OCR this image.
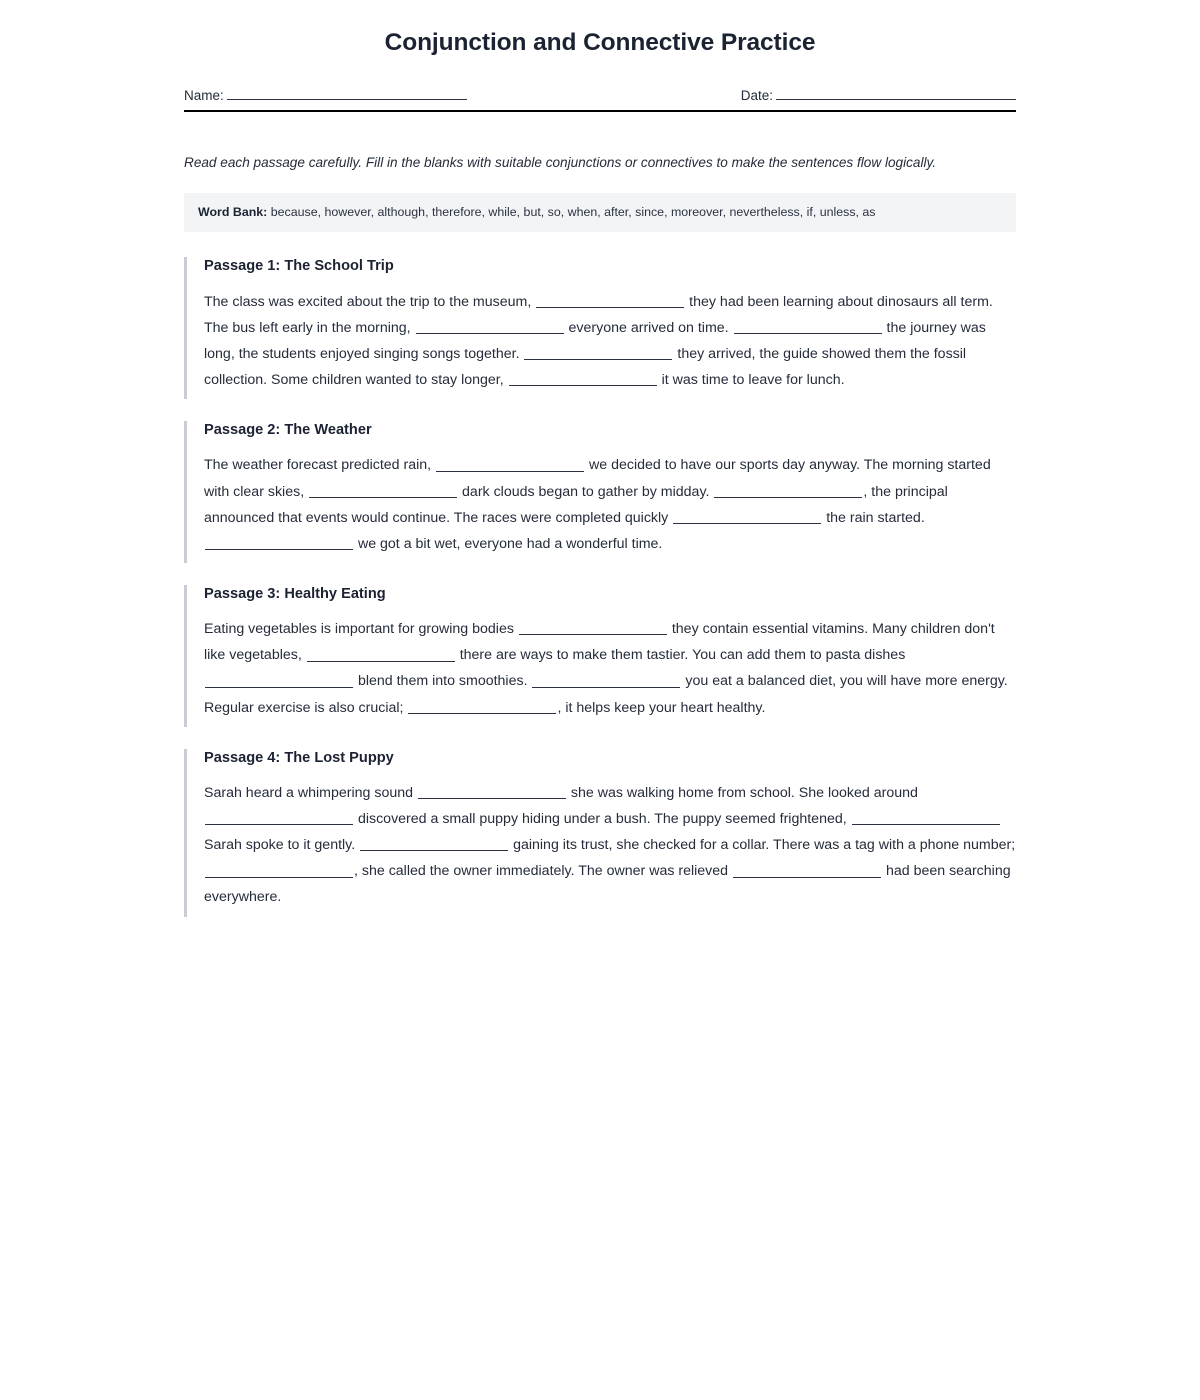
Conjunction and Connective Practice
Name:	Date:

Read each passage carefully. Fill in the blanks with suitable conjunctions or connectives to make the sentences flow logically.

Word Bank: because, however, although, therefore, while, but, so, when, after, since, moreover, nevertheless, if, unless, as
Passage 1: The School Trip

The class was excited about the trip to the museum,	they had been learning about dinosaurs all term. The bus left early in the morning,	everyone arrived on time.	the journey was long, the students enjoyed singing songs together.	they arrived, the guide showed them the fossil collection. Some children wanted to stay longer,	it was time to leave for lunch.

Passage 2: The Weather

The weather forecast predicted rain,	we decided to have our sports day anyway. The morning started with clear skies,	dark clouds began to gather by midday.	, the principal announced that events would continue. The races were completed quickly	the rain started.  we got a bit wet, everyone had a wonderful time.

Passage 3: Healthy Eating

Eating vegetables is important for growing bodies	they contain essential vitamins. Many children don't like vegetables,	there are ways to make them tastier. You can add them to pasta dishes  blend them into smoothies.	you eat a balanced diet, you will have more energy. Regular exercise is also crucial;	, it helps keep your heart healthy.

Passage 4: The Lost Puppy

Sarah heard a whimpering sound	she was walking home from school. She looked around  discovered a small puppy hiding under a bush. The puppy seemed frightened,  Sarah spoke to it gently.	gaining its trust, she checked for a collar. There was a tag with a phone number; , she called the owner immediately. The owner was relieved	had been searching everywhere.
